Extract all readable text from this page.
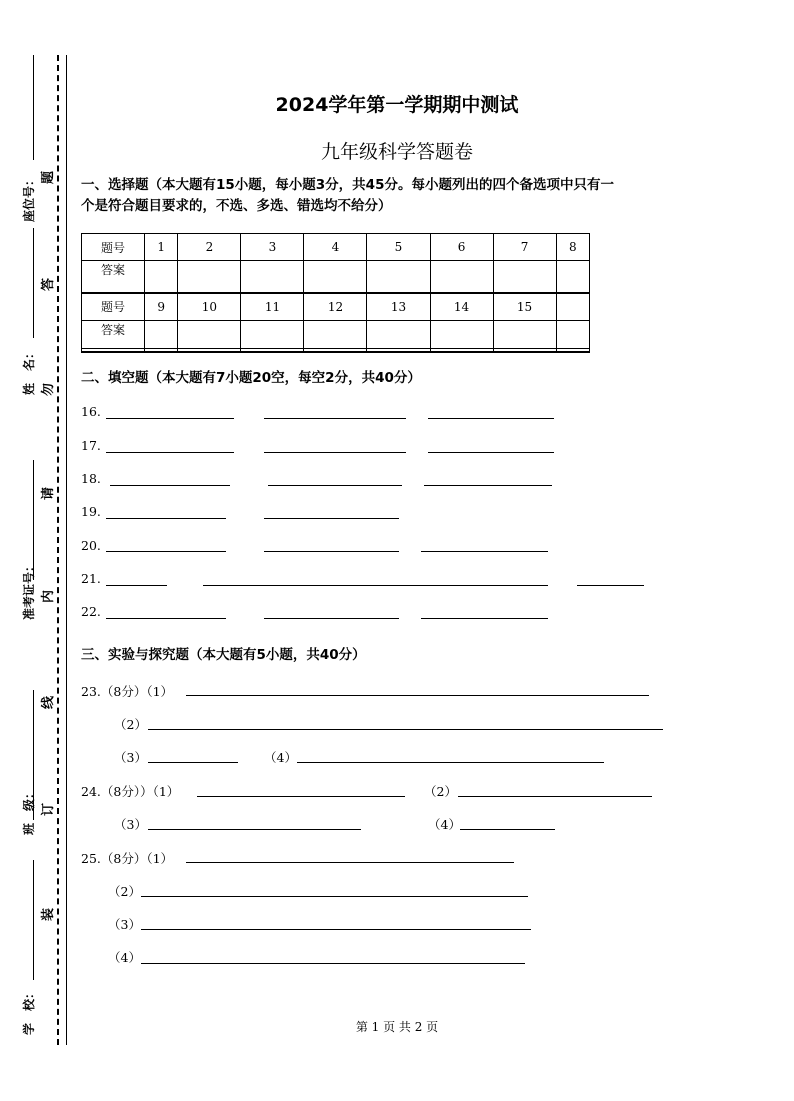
座位号：
姓　名：
准考证号：
班　级：
学　校：
题
答
勿
请
内
线
订
装
2024学年第一学期期中测试
九年级科学答题卷
一、选择题（本大题有15小题，每小题3分，共45分。每小题列出的四个备选项中只有一
个是符合题目要求的，不选、多选、错选均不给分）
题号	1	2	3	4	5	6	7	8
答案								
题号	9	10	11	12	13	14	15	
答案								
二、填空题（本大题有7小题20空，每空2分，共40分）
16.
17.
18.
19.
20.
21.
22.
三、实验与探究题（本大题有5小题，共40分）
23.（8分）（1）
（2）
（3）	（4）
24.（8分））（1）	（2）
（3）	（4）
25.（8分）（1）
（2）
（3）
（4）
第 1 页 共 2 页
